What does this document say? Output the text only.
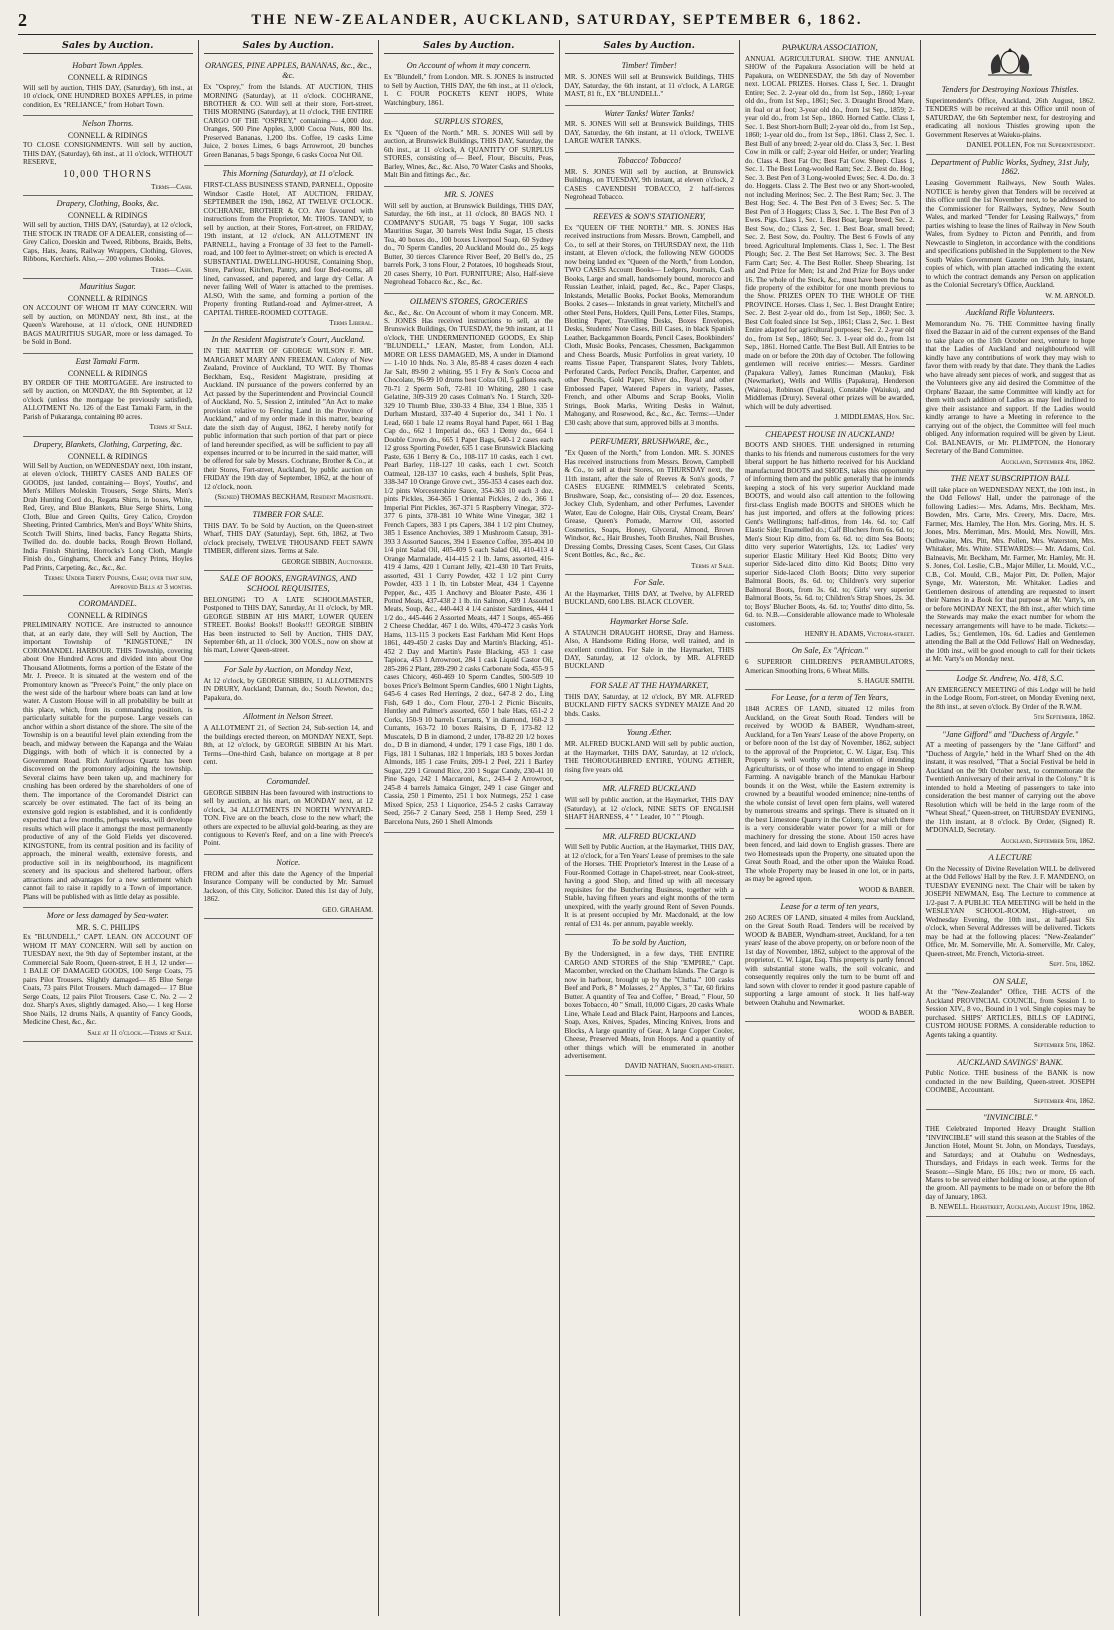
2	THE NEW-ZEALANDER, AUCKLAND, SATURDAY, SEPTEMBER 6, 1862.
Sales by Auction.
Hobart Town Apples.
CONNELL & RIDINGS

Will sell by auction, THIS DAY, (Saturday), 6th inst., at 10 o'clock, ONE HUNDRED BOXES APPLES, in prime condition, Ex "RELIANCE," from Hobart Town.

Nelson Thorns.
CONNELL & RIDINGS

TO CLOSE CONSIGNMENTS. Will sell by auction, THIS DAY, (Saturday), 6th inst., at 11 o'clock, WITHOUT RESERVE,

10,000 THORNS
Terms—Cash.
Drapery, Clothing, Books, &c.
CONNELL & RIDINGS

Will sell by auction, THIS DAY, (Saturday), at 12 o'clock, THE STOCK IN TRADE OF A DEALER, consisting of— Grey Calico, Doeskin and Tweed, Ribbons, Braids, Belts, Caps, Hats, Jeans, Railway Wrappers, Clothing, Gloves, Ribbons, Kerchiefs. Also,— 200 volumes Books.

Terms—Cash.
Mauritius Sugar.
CONNELL & RIDINGS

ON ACCOUNT OF WHOM IT MAY CONCERN. Will sell by auction, on MONDAY next, 8th inst., at the Queen's Warehouse, at 11 o'clock, ONE HUNDRED BAGS MAURITIUS SUGAR, more or less damaged. To be Sold in Bond.

East Tamaki Farm.
CONNELL & RIDINGS

BY ORDER OF THE MORTGAGEE. Are instructed to sell by auction, on MONDAY, the 8th September, at 12 o'clock (unless the mortgage be previously satisfied), ALLOTMENT No. 126 of the East Tamaki Farm, in the Parish of Pukaranga, containing 80 acres.

Terms at Sale.
Drapery, Blankets, Clothing, Carpeting, &c.
CONNELL & RIDINGS

Will Sell by Auction, on WEDNESDAY next, 10th instant, at eleven o'clock, THIRTY CASES AND BALES OF GOODS, just landed, containing— Boys', Youths', and Men's Millers Moleskin Trousers, Serge Shirts, Men's Drab Hunting Cord do., Regatta Shirts, in boxes, White, Red, Grey, and Blue Blankets, Blue Serge Shirts, Long Cloth, Blue and Green Quilts, Grey Calico, Croydon Sheeting, Printed Cambrics, Men's and Boys' White Shirts, Scotch Twill Shirts, lined backs, Fancy Regatta Shirts, Twilled do. do. double backs, Rough Brown Holland, India Finish Shirting, Horrocks's Long Cloth, Mangle Finish do., Ginghams, Check and Fancy Prints, Hoyles Pad Prints, Carpeting, &c., &c., &c.

Terms: Under Thirty Pounds, Cash; over that sum, Approved Bills at 3 months.
COROMANDEL.
CONNELL & RIDINGS

PRELIMINARY NOTICE. Are instructed to announce that, at an early date, they will Sell by Auction, The important Township of "KINGSTONE," IN COROMANDEL HARBOUR. THIS Township, covering about One Hundred Acres and divided into about One Thousand Allotments, forms a portion of the Estate of the Mr. J. Preece. It is situated at the western end of the Promontory known as "Preece's Point," the only place on the west side of the harbour where boats can land at low water. A Custom House will in all probability be built at this place, which, from its commanding position, is particularly suitable for the purpose. Large vessels can anchor within a short distance of the shore. The site of the Township is on a beautiful level plain extending from the beach, and midway between the Kapanga and the Waiau Diggings, with both of which it is connected by a Government Road. Rich Auriferous Quartz has been discovered on the promontory adjoining the township. Several claims have been taken up, and machinery for crushing has been ordered by the shareholders of one of them. The importance of the Coromandel District can scarcely be over estimated. The fact of its being an extensive gold region is established, and it is confidently expected that a few months, perhaps weeks, will develope results which will place it amongst the most permanently productive of any of the Gold Fields yet discovered. KINGSTONE, from its central position and its facility of approach, the mineral wealth, extensive forests, and productive soil in its neighbourhood, its magnificent scenery and its spacious and sheltered harbour, offers attractions and advantages for a new settlement which cannot fail to raise it rapidly to a Town of importance. Plans will be published with as little delay as possible.

More or less damaged by Sea-water.
MR. S. C. PHILIPS

Ex "BLUNDELL," CAPT. LEAN. ON ACCOUNT OF WHOM IT MAY CONCERN. Will sell by auction on TUESDAY next, the 9th day of September instant, at the Commercial Sale Room, Queen-street, E H J, 12 under— 1 BALE OF DAMAGED GOODS, 100 Serge Coats, 75 pairs Pilot Trousers. Slightly damaged— 85 Blue Serge Coats, 73 pairs Pilot Trousers. Much damaged— 17 Blue Serge Coats, 12 pairs Pilot Trousers. Case C. No. 2 — 2 doz. Sharp's Axes, slightly damaged. Also,— 1 keg Horse Shoe Nails, 12 drums Nails, A quantity of Fancy Goods, Medicine Chest, &c., &c.

Sale at 11 o'clock.—Terms at Sale.
Sales by Auction.
ORANGES, PINE APPLES, BANANAS, &c., &c., &c.

Ex "Osprey," from the Islands. AT AUCTION, THIS MORNING (Saturday), at 11 o'clock. COCHRANE, BROTHER & CO. Will sell at their store, Fort-street, THIS MORNING (Saturday), at 11 o'clock, THE ENTIRE CARGO OF THE "OSPREY," containing— 4,000 doz. Oranges, 500 Pine Apples, 3,000 Cocoa Nuts, 800 lbs. Preserved Bananas, 1,200 lbs. Coffee, 19 casks Lime Juice, 2 boxes Limes, 6 bags Arrowroot, 20 bunches Green Bananas, 5 bags Sponge, 6 casks Cocoa Nut Oil.

This Morning (Saturday), at 11 o'clock.

FIRST-CLASS BUSINESS STAND, PARNELL, Opposite Windsor Castle Hotel, AT AUCTION, FRIDAY, SEPTEMBER the 19th, 1862, AT TWELVE O'CLOCK. COCHRANE, BROTHER & CO. Are favoured with instructions from the Proprietor, Mr. THOS. TANDY, to sell by auction, at their Stores, Fort-street, on FRIDAY, 19th instant, at 12 o'clock, AN ALLOTMENT IN PARNELL, having a Frontage of 33 feet to the Parnell-road, and 100 feet to Aylmer-street; on which is erected A SUBSTANTIAL DWELLING-HOUSE, Containing Shop, Store, Parlour, Kitchen, Pantry, and four Bed-rooms, all lined, canvassed, and papered, and large dry Cellar. A never failing Well of Water is attached to the premises. ALSO, With the same, and forming a portion of the Property fronting Rutland-road and Aylmer-street, A CAPITAL THREE-ROOMED COTTAGE.

Terms Liberal.
In the Resident Magistrate's Court, Auckland.

IN THE MATTER OF GEORGE WILSON F. MR. MARGARET MARY ANN FREEMAN. Colony of New Zealand, Province of Auckland, TO WIT. By Thomas Beckham, Esq., Resident Magistrate, presiding at Auckland. IN pursuance of the powers conferred by an Act passed by the Superintendent and Provincial Council of Auckland, No. 5, Session 2, intituled "An Act to make provision relative to Fencing Land in the Province of Auckland," and of my order made in this matter, bearing date the sixth day of August, 1862, I hereby notify for public information that such portion of that part or piece of land hereunder specified, as will be sufficient to pay all expenses incurred or to be incurred in the said matter, will be offered for sale by Messrs. Cochrane, Brother & Co., at their Stores, Fort-street, Auckland, by public auction on FRIDAY the 19th day of September, 1862, at the hour of 12 o'clock, noon.

(Signed) THOMAS BECKHAM, Resident Magistrate.
TIMBER FOR SALE.

THIS DAY. To be Sold by Auction, on the Queen-street Wharf, THIS DAY (Saturday), Sept. 6th, 1862, at Two o'clock precisely, TWELVE THOUSAND FEET SAWN TIMBER, different sizes. Terms at Sale.

GEORGE SIBBIN, Auctioneer.
SALE OF BOOKS, ENGRAVINGS, AND SCHOOL REQUISITES,

BELONGING TO A LATE SCHOOLMASTER, Postponed to THIS DAY, Saturday, At 11 o'clock, by MR. GEORGE SIBBIN AT HIS MART, LOWER QUEEN STREET. Books! Books!! Books!!! GEORGE SIBBIN Has been instructed to Sell by Auction, THIS DAY, September 6th, at 11 o'clock, 300 VOLS., now on show at his mart, Lower Queen-street.

For Sale by Auction, on Monday Next,

At 12 o'clock, by GEORGE SIBBIN, 11 ALLOTMENTS IN DRURY, Auckland; Dannan, do.; South Newton, do.; Papakura, do.

Allotment in Nelson Street.

A ALLOTMENT 21, of Section 24, Sub-section 14, and the buildings erected thereon, on MONDAY NEXT, Sept. 8th, at 12 o'clock, by GEORGE SIBBIN At his Mart. Terms—One-third Cash, balance on mortgage at 8 per cent.

Coromandel.

GEORGE SIBBIN Has been favoured with instructions to sell by auction, at his mart, on MONDAY next, at 12 o'clock, 34 ALLOTMENTS IN NORTH WYNYARD-TON. Five are on the beach, close to the new wharf; the others are expected to be alluvial gold-bearing, as they are contiguous to Keven's Reef, and on a line with Preece's Point.

Notice.

FROM and after this date the Agency of the Imperial Insurance Company will be conducted by Mr. Samuel Jackson, of this City, Solicitor. Dated this 1st day of July, 1862.

GEO. GRAHAM.
Sales by Auction.
On Account of whom it may concern.

Ex "Blundell," from London. MR. S. JONES Is instructed to Sell by Auction, THIS DAY, the 6th inst., at 11 o'clock, L C FOUR POCKETS KENT HOPS, White Watchingbury, 1861.

SURPLUS STORES,

Ex "Queen of the North." MR. S. JONES Will sell by auction, at Brunswick Buildings, THIS DAY, Saturday, the 6th inst., at 11 o'clock, A QUANTITY OF SURPLUS STORES, consisting of— Beef, Flour, Biscuits, Peas, Barley, Wines, &c., &c. Also, 70 Water Casks and Shooks, Malt Bin and fittings &c., &c.

MR. S. JONES

Will sell by auction, at Brunswick Buildings, THIS DAY, Saturday, the 6th inst., at 11 o'clock, 80 BAGS NO. 1 COMPANY'S SUGAR, 75 bags Y Sugar, 100 sacks Mauritius Sugar, 30 barrels West India Sugar, 15 chests Tea, 40 boxes do., 100 boxes Liverpool Soap, 60 Sydney do., 70 Sperm Candles, 20 Auckland Mould do., 25 kegs Butter, 30 tierces Clarence River Beef, 20 Bell's do., 25 barrels Pork, 3 tons Flour, 2 Potatoes, 10 hogsheads Stout, 20 cases Sherry, 10 Port. FURNITURE; Also, Half-sieve Negrohead Tobacco &c., &c., &c.

OILMEN'S STORES, GROCERIES

&c., &c., &c. On Account of whom it may Concern. MR. S. JONES Has received instructions to sell, at the Brunswick Buildings, On TUESDAY, the 9th instant, at 11 o'clock, THE UNDERMENTIONED GOODS, Ex Ship "BLUNDELL," LEAN, Master, from London, ALL MORE OR LESS DAMAGED, MS, A under in Diamond— 1-10 10 hhds. No. 3 Ale, 85-88 4 cases dozen 4 each Jar Salt, 89-90 2 whiting, 95 1 Fry & Son's Cocoa and Chocolate, 96-99 10 drums best Colza Oil, 5 gallons each, 70-71 2 Sperm Soft, 72-81 10 Whiting, 280 1 case Gelatine, 309-319 20 cases Colman's No. 1 Starch, 320-329 10 Thumb Blue, 330-33 4 Blue, 334 1 Blue, 335 1 Durham Mustard, 337-40 4 Superior do., 341 1 No. 1 Lead, 660 1 bale 12 reams Royal hand Paper, 661 1 Bag Cap do., 662 1 Imperial do., 663 1 Demy do., 664 1 Double Crown do., 665 1 Paper Bags, 640-1 2 cases each 12 gross Sporting Powder, 635 1 case Brunswick Blacking Paste, 636 1 Berry & Co., 108-117 10 casks, each 1 cwt. Pearl Barley, 118-127 10 casks, each 1 cwt. Scotch Oatmeal, 128-137 10 casks, each 4 bushels, Split Peas, 338-347 10 Orange Grove cwt., 356-353 4 cases each doz. 1/2 pints Worcestershire Sauce, 354-363 10 each 3 doz. pints Pickles, 364-365 1 Oriental Pickles, 2 do., 366 1 Imperial Pint Pickles, 367-371 5 Raspberry Vinegar, 372-377 6 pints, 378-381 10 White Wine Vinegar, 382 1 French Capers, 383 1 pts Capers, 384 1 1/2 pint Chutney, 385 1 Essence Anchovies, 389 1 Mushroom Catsup, 391-393 3 Assorted Sauces, 394 1 Essence Coffee, 395-404 10 1/4 pint Salad Oil, 405-409 5 each Salad Oil, 410-413 4 Orange Marmalade, 414-415 2 1 lb. Jams, assorted, 416-419 4 Jams, 420 1 Currant Jelly, 421-430 10 Tart Fruits, assorted, 431 1 Curry Powder, 432 1 1/2 pint Curry Powder, 433 1 1 lb. tin Lobster Meat, 434 1 Cayenne Pepper, &c., 435 1 Anchovy and Bloater Paste, 436 1 Potted Meats, 437-438 2 1 lb. tin Salmon, 439 1 Assorted Meats, Soup, &c., 440-443 4 1/4 canister Sardines, 444 1 1/2 do., 445-446 2 Assorted Meats, 447 1 Soups, 465-466 2 Cheese Cheddar, 467 1 do. Wilts, 470-472 3 casks York Hams, 113-115 3 pockets East Farkham Mid Kent Hops 1861, 449-450 2 casks Day and Martin's Blacking, 451-452 2 Day and Martin's Paste Blacking, 453 1 case Tapioca, 453 1 Arrowroot, 284 1 cask Liquid Castor Oil, 285-286 2 Plant, 289-290 2 casks Carbonate Soda, 455-9 5 cases Chicory, 460-469 10 Sperm Candles, 500-509 10 boxes Price's Belmont Sperm Candles, 600 1 Night Lights, 645-6 4 cases Red Herrings, 2 doz., 647-8 2 do., Ling Fish, 649 1 do., Corn Flour, 270-1 2 Picnic Biscuits, Huntley and Palmer's assorted, 650 1 bale Hats, 651-2 2 Corks, 150-9 10 barrels Currants, Y in diamond, 160-2 3 Currants, 163-72 10 boxes Raisins, D F, 173-82 12 Muscatels, D B in diamond, 2 under, 178-82 20 1/2 boxes do., D B in diamond, 4 under, 179 1 case Figs, 180 1 do. Figs, 181 1 Sultanas, 182 1 Imperials, 183 5 boxes Jordan Almonds, 185 1 case Fruits, 209-1 2 Peel, 221 1 Barley Sugar, 229 1 Ground Rice, 230 1 Sugar Candy, 230-41 10 Pine Sago, 242 1 Maccaroni, &c., 243-4 2 Arrowroot, 245-8 4 barrels Jamaica Ginger, 249 1 case Ginger and Cassia, 250 1 Pimento, 251 1 box Nutmegs, 252 1 case Mixed Spice, 253 1 Liquorice, 254-5 2 casks Carraway Seed, 256-7 2 Canary Seed, 258 1 Hemp Seed, 259 1 Barcelona Nuts, 260 1 Shell Almonds

Sales by Auction.
Timber! Timber!

MR. S. JONES Will sell at Brunswick Buildings, THIS DAY, Saturday, the 6th instant, at 11 o'clock, A LARGE MAST, 81 ft., EX "BLUNDELL."

Water Tanks! Water Tanks!

MR. S. JONES Will sell at Brunswick Buildings, THIS DAY, Saturday, the 6th instant, at 11 o'clock, TWELVE LARGE WATER TANKS.

Tobacco! Tobacco!

MR. S. JONES Will sell by auction, at Brunswick Buildings, on TUESDAY, 9th instant, at eleven o'clock, 2 CASES CAVENDISH TOBACCO, 2 half-tierces Negrohead Tobacco.

REEVES & SON'S STATIONERY,

Ex "QUEEN OF THE NORTH." MR. S. JONES Has received instructions from Messrs. Brown, Campbell, and Co., to sell at their Stores, on THURSDAY next, the 11th instant, at Eleven o'clock, the following NEW GOODS now being landed ex "Queen of the North," from London, TWO CASES Account Books— Ledgers, Journals, Cash Books, Large and small, handsomely bound, morocco and Russian Leather, inlaid, paged, &c., &c., Paper Clasps, Inkstands, Metallic Books, Pocket Books, Memorandum Books. 2 cases— Inkstands in great variety, Mitchell's and other Steel Pens, Holders, Quill Pens, Letter Files, Stamps, Blotting Paper, Travelling Desks, Boxes Envelopes, Desks, Students' Note Cases, Bill Cases, in black Spanish Leather, Backgammon Boards, Pencil Cases, Bookbinders' Cloth, Music Books, Pencases, Chessmen, Backgammon and Chess Boards, Music Portfolios in great variety, 10 reams Tissue Paper, Transparent Slates, Ivory Tablets, Perforated Cards, Perfect Pencils, Drafter, Carpenter, and other Pencils, Gold Paper, Silver do., Royal and other Embossed Paper, Watered Papers in variety, Passes, French, and other Albums and Scrap Books, Violin Strings, Book Marks, Writing Desks in Walnut, Mahogany, and Rosewood, &c., &c., &c. Terms:—Under £30 cash; above that sum, approved bills at 3 months.

PERFUMERY, BRUSHWARE, &c.,

"Ex Queen of the North," from London. MR. S. JONES Has received instructions from Messrs. Brown, Campbell & Co., to sell at their Stores, on THURSDAY next, the 11th instant, after the sale of Reeves & Son's goods, 7 CASES EUGENE RIMMEL'S celebrated Scents, Brushware, Soap, &c., consisting of— 20 doz. Essences, Jockey Club, Sydenham, and other Perfumes, Lavender Water, Eau de Cologne, Hair Oils, Crystal Cream, Bears' Grease, Queen's Pomade, Marrow Oil, assorted Cosmetics, Soaps, Honey, Glyceral, Almond, Brown Windsor, &c., Hair Brushes, Tooth Brushes, Nail Brushes, Dressing Combs, Dressing Cases, Scent Cases, Cut Glass Scent Bottles, &c., &c., &c.

Terms at Sale.
For Sale.

At the Haymarket, THIS DAY, at Twelve, by ALFRED BUCKLAND, 600 LBS. BLACK CLOVER.

Haymarket Horse Sale.

A STAUNCH DRAUGHT HORSE, Dray and Harness. Also, A Handsome Riding Horse, well trained, and in excellent condition. For Sale in the Haymarket, THIS DAY, Saturday, at 12 o'clock, by MR. ALFRED BUCKLAND

FOR SALE AT THE HAYMARKET,

THIS DAY, Saturday, at 12 o'clock, BY MR. ALFRED BUCKLAND FIFTY SACKS SYDNEY MAIZE And 20 bhds. Casks.

Young Æther.

MR. ALFRED BUCKLAND Will sell by public auction, at the Haymarket, THIS DAY, Saturday, at 12 o'clock, THE THOROUGHBRED ENTIRE, YOUNG ÆTHER, rising five years old.

MR. ALFRED BUCKLAND

Will sell by public auction, at the Haymarket, THIS DAY (Saturday), at 12 o'clock, NINE SETS OF ENGLISH SHAFT HARNESS, 4 " " Leader, 10 " " Plough.

MR. ALFRED BUCKLAND

Will Sell by Public Auction, at the Haymarket, THIS DAY, at 12 o'clock, for a Ten Years' Lease of premises to the sale of the Horses. THE Proprietor's Interest in the Lease of a Four-Roomed Cottage in Chapel-street, near Cook-street, having a good Shop, and fitted up with all necessary requisites for the Butchering Business, together with a Stable, having fifteen years and eight months of the term unexpired, with the yearly ground Rent of Seven Pounds. It is at present occupied by Mr. Macdonald, at the low rental of £31 4s. per annum, payable weekly.

To be sold by Auction,

By the Undersigned, in a few days, THE ENTIRE CARGO AND STORES of the Ship "EMPIRE," Capt. Macomber, wrecked on the Chatham Islands. The Cargo is now in harbour, brought up by the "Clutha." 100 casks Beef and Pork, 8 " Molasses, 2 " Apples, 3 " Tar, 60 firkins Butter. A quantity of Tea and Coffee, " Bread, " Flour, 50 boxes Tobacco, 40 " Small, 10,000 Cigars, 20 casks Whale Line, Whale Lead and Black Paint, Harpoons and Lances, Soap, Axes, Knives, Spades, Mincing Knives, Irons and Blocks, A large quantity of Gear, A large Copper Cooler, Cheese, Preserved Meats, Iron Hoops. And a quantity of other things which will be enumerated in another advertisement.

DAVID NATHAN, Shortland-street.
PAPAKURA ASSOCIATION,

ANNUAL AGRICULTURAL SHOW. THE ANNUAL SHOW of the Papakura Association will be held at Papakura, on WEDNESDAY, the 5th day of November next. LOCAL PRIZES. Horses. Class I, Sec. 1. Draught Entire; Sec. 2. 2-year old do., from 1st Sep., 1860; 1-year old do., from 1st Sep., 1861; Sec. 3. Draught Brood Mare, in foal or at foot; 3-year old do., from 1st Sep., 1859; 2-year old do., from 1st Sep., 1860. Horned Cattle. Class I, Sec. 1. Best Short-horn Bull; 2-year old do., from 1st Sep., 1860; 1-year old do., from 1st Sep., 1861. Class 2, Sec. 1. Best Bull of any breed; 2-year old do. Class 3, Sec. 1. Best Cow in milk or calf; 2-year old Heifer, or under; Yearling do. Class 4. Best Fat Ox; Best Fat Cow. Sheep. Class 1, Sec. 1. The Best Long-wooled Ram; Sec. 2. Best do. Hog; Sec. 3. Best Pen of 3 Long-wooled Ewes; Sec. 4. Do. do. 3 do. Hoggets. Class 2. The Best two or any Short-wooled, not including Merinos; Sec. 2. The Best Ram; Sec. 3. The Best Hog; Sec. 4. The Best Pen of 3 Ewes; Sec. 5. The Best Pen of 3 Hoggets; Class 3, Sec. 1. The Best Pen of 3 Ewes. Pigs. Class 1, Sec. 1. Best Boar, large breed; Sec. 2. Best Sow, do.; Class 2, Sec. 1. Best Boar, small breed; Sec. 2. Best Sow, do. Poultry. The Best 6 Fowls of any breed. Agricultural Implements. Class 1, Sec. 1. The Best Plough; Sec. 2. The Best Set Harrows; Sec. 3. The Best Farm Cart; Sec. 4. The Best Roller. Sheep Shearing. 1st and 2nd Prize for Men; 1st and 2nd Prize for Boys under 16. The whole of the Stock, &c., must have been the bona fide property of the exhibitor for one month previous to the Show. PRIZES OPEN TO THE WHOLE OF THE PROVINCE. Horses. Class 1, Sec. 1. Best Draught Entire; Sec. 2. Best 2-year old do., from 1st Sep., 1860; Sec. 3. Best Colt foaled since 1st Sep., 1861; Class 2, Sec. 1. Best Entire adapted for agricultural purposes; Sec. 2. 2-year old do., from 1st Sep., 1860; Sec. 3. 1-year old do., from 1st Sep., 1861. Horned Cattle. The Best Bull. All Entries to be made on or before the 20th day of October. The following gentlemen will receive entries:— Messrs. Gardiner (Papakura Valley), James Runciman (Mauku), Fisk (Newmarket), Wells and Willis (Papakura), Henderson (Wairoa), Robinson (Tuakau), Constable (Waiuku), and Middlemas (Drury). Several other prizes will be awarded, which will be duly advertised.

J. MIDDLEMAS, Hon. Sec.
CHEAPEST HOUSE IN AUCKLAND!

BOOTS AND SHOES. THE undersigned in returning thanks to his friends and numerous customers for the very liberal support he has hitherto received for his Auckland manufactured BOOTS and SHOES, takes this opportunity of informing them and the public generally that he intends keeping a stock of his very superior Auckland made BOOTS, and would also call attention to the following first-class English made BOOTS and SHOES which he has just imported, and offers at the following prices: Gent's Wellingtons; half-dittos, from 14s. 6d. to; Calf Elastic Side; Enamelled do.; Calf Bluchers from 6s. 6d. to; Men's Stout Kip ditto, from 6s. 6d. to; ditto Sea Boots; ditto very superior Watertights, 12s. to; Ladies' very superior Elastic Military Heel Kid Boots; Ditto very superior Side-laced ditto ditto Kid Boots; Ditto very superior Side-laced Cloth Boots; Ditto very superior Balmoral Boots, 8s. 6d. to; Children's very superior Balmoral Boots, from 3s. 6d. to; Girls' very superior Balmoral Boots, 5s. 6d. to; Children's Strap Shoes, 2s. 3d. to; Boys' Blucher Boots, 4s. 6d. to; Youths' ditto ditto, 5s. 6d. to. N.B.—Considerable allowance made to Wholesale customers.

HENRY H. ADAMS, Victoria-street.
On Sale, Ex "African."

6 SUPERIOR CHILDREN'S PERAMBULATORS, American Smoothing Irons, 6 Wheat Mills.

S. HAGUE SMITH.
For Lease, for a term of Ten Years,

1848 ACRES OF LAND, situated 12 miles from Auckland, on the Great South Road. Tenders will be received by WOOD & BABER, Wyndham-street, Auckland, for a Ten Years' Lease of the above Property, on or before noon of the 1st day of November, 1862, subject to the approval of the Proprietor, C. W. Ligar, Esq. This Property is well worthy of the attention of intending Agriculturists, or of those who intend to engage in Sheep Farming. A navigable branch of the Manukau Harbour bounds it on the West, while the Eastern extremity is crowned by a beautiful wooded eminence; nine-tenths of the whole consist of level open fern plains, well watered by numerous streams and springs. There is situated on it the best Limestone Quarry in the Colony, near which there is a very considerable water power for a mill or for machinery for dressing the stone. About 150 acres have been fenced, and laid down to English grasses. There are two Homesteads upon the Property, one situated upon the Great South Road, and the other upon the Waiuku Road. The whole Property may be leased in one lot, or in parts, as may be agreed upon.

WOOD & BABER.
Lease for a term of ten years,

260 ACRES OF LAND, situated 4 miles from Auckland, on the Great South Road. Tenders will be received by WOOD & BABER, Wyndham-street, Auckland, for a ten years' lease of the above property, on or before noon of the 1st day of November, 1862, subject to the approval of the proprietor, C. W. Ligar, Esq. This property is partly fenced with substantial stone walls, the soil volcanic, and consequently requires only the turn to be burnt off and land sown with clover to render it good pasture capable of supporting a large amount of stock. It lies half-way between Otahuhu and Newmarket.

WOOD & BABER.
Tenders for Destroying Noxious Thistles.

Superintendent's Office, Auckland, 26th August, 1862. TENDERS will be received at this Office until noon of SATURDAY, the 6th September next, for destroying and eradicating all noxious Thistles growing upon the Government Reserves at Waiuku-plains.

DANIEL POLLEN, For the Superintendent.
Department of Public Works, Sydney, 31st July, 1862.

Leasing Government Railways, New South Wales. NOTICE is hereby given that Tenders will be received at this office until the 1st November next, to be addressed to the Commissioner for Railways, Sydney, New South Wales, and marked "Tender for Leasing Railways," from parties wishing to lease the lines of Railway in New South Wales, from Sydney to Picton and Penrith, and from Newcastle to Singleton, in accordance with the conditions and specifications published in the Supplement to the New South Wales Government Gazette on 19th July, instant, copies of which, with plan attached indicating the extent to which the contract demands any Person on application as the Colonial Secretary's Office, Auckland.

W. M. ARNOLD.
Auckland Rifle Volunteers.

Memorandum No. 76. THE Committee having finally fixed the Bazaar in aid of the current expenses of the Band to take place on the 15th October next, venture to hope that the Ladies of Auckland and neighbourhood will kindly have any contributions of work they may wish to favor them with ready by that date. They thank the Ladies who have already sent pieces of work, and suggest that as the Volunteers give any aid desired the Committee of the Orphans' Bazaar, the same Committee will kindly act for them with such addition of Ladies as may feel inclined to give their assistance and support. If the Ladies would kindly arrange to have a Meeting in reference to the carrying out of the object, the Committee will feel much obliged. Any information required will be given by Lieut. Col. BALNEAVIS, or Mr. PLIMPTON, the Honorary Secretary of the Band Committee.

Auckland, September 4th, 1862.
THE NEXT SUBSCRIPTION BALL

will take place on WEDNESDAY NEXT, the 10th inst., in the Odd Fellows' Hall, under the patronage of the following Ladies:— Mrs. Adams, Mrs. Beckham, Mrs. Bowden, Mrs. Carte, Mrs. Creery, Mrs. Dacre, Mrs. Farmer, Mrs. Hamley, The Hon. Mrs. Goring, Mrs. H. S. Jones, Mrs. Merriman, Mrs. Mould, Mrs. Nowill, Mrs. Outhwaite, Mrs. Pitt, Mrs. Pollen, Mrs. Waterston, Mrs. Whitaker, Mrs. White. STEWARDS:— Mr. Adams, Col. Balneavis, Mr. Beckham, Mr. Farmer, Mr. Hamley, Mr. H. S. Jones, Col. Leslie, C.B., Major Miller, Lt. Mould, V.C., C.B., Col. Mould, C.B., Major Pitt, Dr. Pollen, Major Synge, Mr. Waterston, Mr. Whitaker. Ladies and Gentlemen desirous of attending are requested to insert their Names in a Book for that purpose at Mr. Varty's, on or before MONDAY NEXT, the 8th inst., after which time the Stewards may make the exact number for whom the necessary arrangements will have to be made. Tickets:—Ladies, 5s.; Gentlemen, 10s. 6d. Ladies and Gentlemen attending the Ball at the Odd Fellows' Hall on Wednesday, the 10th inst., will be good enough to call for their tickets at Mr. Varty's on Monday next.

Lodge St. Andrew, No. 418, S.C.

AN EMERGENCY MEETING of this Lodge will be held in the Lodge Room, Fort-street, on Monday Evening next, the 8th inst., at seven o'clock. By Order of the R.W.M.

5th September, 1862.
"Jane Gifford" and "Duchess of Argyle."

AT a meeting of passengers by the "Jane Gifford" and "Duchess of Argyle," held in the Wharf Shed on the 4th instant, it was resolved, "That a Social Festival be held in Auckland on the 9th October next, to commemorate the Twentieth Anniversary of their arrival in the Colony." It is intended to hold a Meeting of passengers to take into consideration the best manner of carrying out the above Resolution which will be held in the large room of the "Wheat Sheaf," Queen-street, on THURSDAY EVENING, the 11th instant, at 8 o'clock. By Order, (Signed) R. M'DONALD, Secretary.

Auckland, September 5th, 1862.
A LECTURE

On the Necessity of Divine Revelation WILL be delivered at the Odd Fellows' Hall by the Rev. J. F. MANDENO, on TUESDAY EVENING next. The Chair will be taken by JOSEPH NEWMAN, Esq. The Lecture to commence at 1/2-past 7. A PUBLIC TEA MEETING will be held in the WESLEYAN SCHOOL-ROOM, High-street, on Wednesday Evening, the 10th inst., at half-past Six o'clock, when Several Addresses will be delivered. Tickets may be had at the following places: "New-Zealander" Office, Mr. M. Somerville, Mr. A. Somerville, Mr. Caley, Queen-street, Mr. French, Victoria-street.

Sept. 5th, 1862.
ON SALE,

At the "New-Zealander" Office, THE ACTS of the Auckland PROVINCIAL COUNCIL, from Session I. to Session XIV., 8 vo., Bound in 1 vol. Single copies may be purchased. SHIPS' ARTICLES, BILLS OF LADING, CUSTOM HOUSE FORMS. A considerable reduction to Agents taking a quantity.

September 5th, 1862.
AUCKLAND SAVINGS' BANK.

Public Notice. THE business of the BANK is now conducted in the new Building, Queen-street. JOSEPH COOMBE, Accountant.

September 4th, 1862.
"INVINCIBLE."

THE Celebrated Imported Heavy Draught Stallion "INVINCIBLE" will stand this season at the Stables of the Junction Hotel, Mount St. John, on Mondays, Tuesdays, and Saturdays; and at Otahuhu on Wednesdays, Thursdays, and Fridays in each week. Terms for the Season:—Single Mare, £6 10s.; two or more, £6 each. Mares to be served either holding or loose, at the option of the groom. All payments to be made on or before the 8th day of January, 1863.

B. NEWELL. Highstreet, Auckland, August 19th, 1862.
